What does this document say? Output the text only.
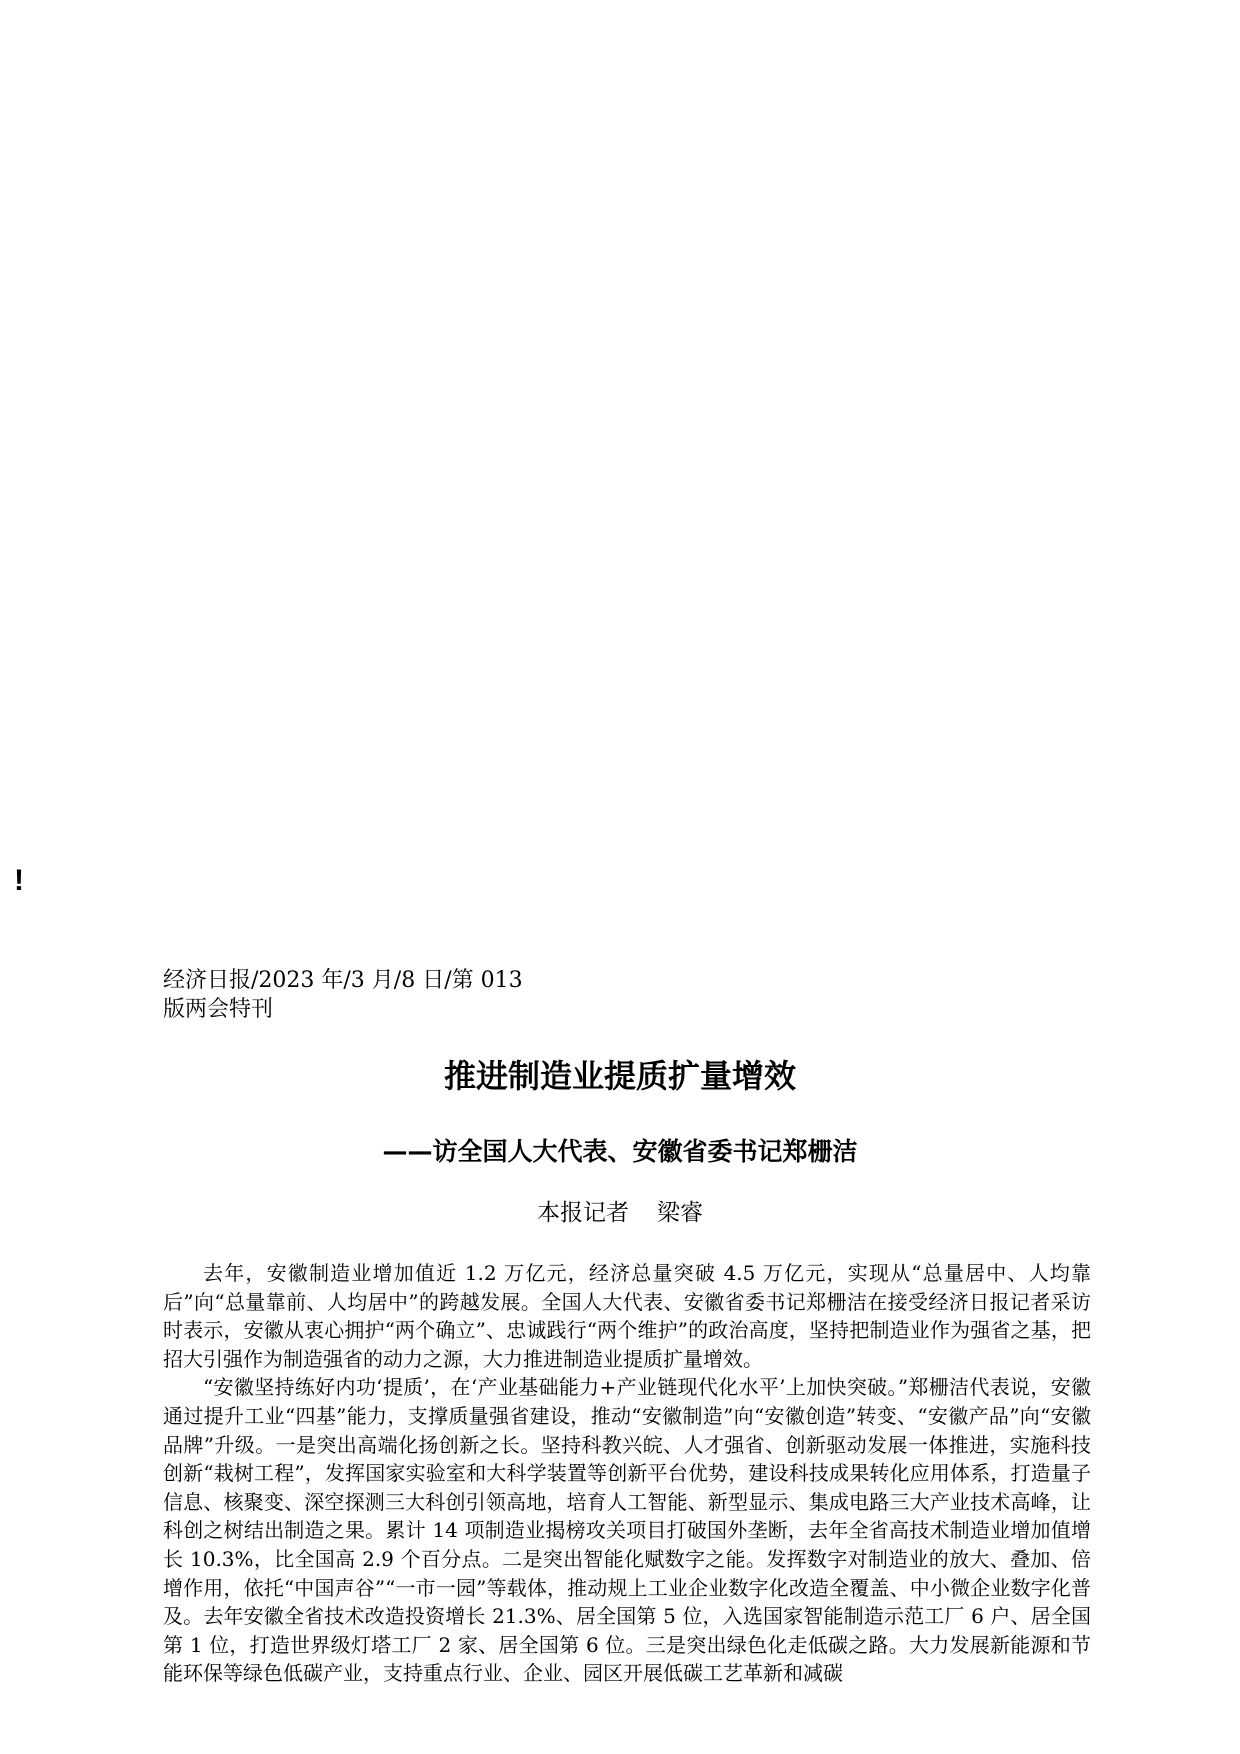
!
经济日报/2023 年/3 月/8 日/第 013
版两会特刊
推进制造业提质扩量增效
——访全国人大代表、安徽省委书记郑栅洁
本报记者 梁睿

去年，安徽制造业增加值近 1.2 万亿元，经济总量突破 4.5 万亿元，实现从“总量居中、人均靠后”向“总量靠前、人均居中”的跨越发展。全国人大代表、安徽省委书记郑栅洁在接受经济日报记者采访时表示，安徽从衷心拥护“两个确立”、忠诚践行“两个维护”的政治高度，坚持把制造业作为强省之基，把招大引强作为制造强省的动力之源，大力推进制造业提质扩量增效。

“安徽坚持练好内功‘提质’，在‘产业基础能力+产业链现代化水平’上加快突破。”郑栅洁代表说，安徽通过提升工业“四基”能力，支撑质量强省建设，推动“安徽制造”向“安徽创造”转变、“安徽产品”向“安徽品牌”升级。一是突出高端化扬创新之长。坚持科教兴皖、人才强省、创新驱动发展一体推进，实施科技创新“栽树工程”，发挥国家实验室和大科学装置等创新平台优势，建设科技成果转化应用体系，打造量子信息、核聚变、深空探测三大科创引领高地，培育人工智能、新型显示、集成电路三大产业技术高峰，让科创之树结出制造之果。累计 14 项制造业揭榜攻关项目打破国外垄断，去年全省高技术制造业增加值增长 10.3%，比全国高 2.9 个百分点。二是突出智能化赋数字之能。发挥数字对制造业的放大、叠加、倍增作用，依托“中国声谷”“一市一园”等载体，推动规上工业企业数字化改造全覆盖、中小微企业数字化普及。去年安徽全省技术改造投资增长 21.3%、居全国第 5 位，入选国家智能制造示范工厂 6 户、居全国第 1 位，打造世界级灯塔工厂 2 家、居全国第 6 位。三是突出绿色化走低碳之路。大力发展新能源和节能环保等绿色低碳产业，支持重点行业、企业、园区开展低碳工艺革新和减碳
